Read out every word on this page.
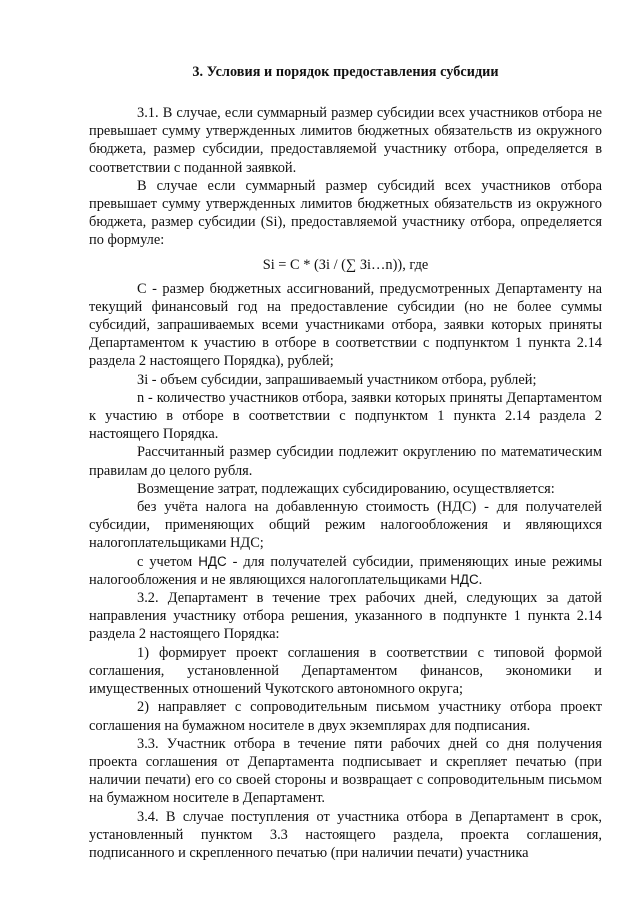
3. Условия и порядок предоставления субсидии

3.1. В случае, если суммарный размер субсидии всех участников отбора не превышает сумму утвержденных лимитов бюджетных обязательств из окружного бюджета, размер субсидии, предоставляемой участнику отбора, определяется в соответствии с поданной заявкой.

В случае если суммарный размер субсидий всех участников отбора превышает сумму утвержденных лимитов бюджетных обязательств из окружного бюджета, размер субсидии (Si), предоставляемой участнику отбора, определяется по формуле:

Si = C * (Зi / (∑ Зi…n)), где

С - размер бюджетных ассигнований, предусмотренных Департаменту на текущий финансовый год на предоставление субсидии (но не более суммы субсидий, запрашиваемых всеми участниками отбора, заявки которых приняты Департаментом к участию в отборе в соответствии с подпунктом 1 пункта 2.14 раздела 2 настоящего Порядка), рублей;

Зi - объем субсидии, запрашиваемый участником отбора, рублей;

n - количество участников отбора, заявки которых приняты Департаментом к участию в отборе в соответствии с подпунктом 1 пункта 2.14 раздела 2 настоящего Порядка.

Рассчитанный размер субсидии подлежит округлению по математическим правилам до целого рубля.

Возмещение затрат, подлежащих субсидированию, осуществляется:

без учёта налога на добавленную стоимость (НДС) - для получателей субсидии, применяющих общий режим налогообложения и являющихся налогоплательщиками НДС;

с учетом НДС - для получателей субсидии, применяющих иные режимы налогообложения и не являющихся налогоплательщиками НДС.

3.2. Департамент в течение трех рабочих дней, следующих за датой направления участнику отбора решения, указанного в подпункте 1 пункта 2.14 раздела 2 настоящего Порядка:

1) формирует проект соглашения в соответствии с типовой формой соглашения, установленной Департаментом финансов, экономики и имущественных отношений Чукотского автономного округа;

2) направляет с сопроводительным письмом участнику отбора проект соглашения на бумажном носителе в двух экземплярах для подписания.

3.3. Участник отбора в течение пяти рабочих дней со дня получения проекта соглашения от Департамента подписывает и скрепляет печатью (при наличии печати) его со своей стороны и возвращает с сопроводительным письмом на бумажном носителе в Департамент.

3.4. В случае поступления от участника отбора в Департамент в срок, установленный пунктом 3.3 настоящего раздела, проекта соглашения, подписанного и скрепленного печатью (при наличии печати) участника
